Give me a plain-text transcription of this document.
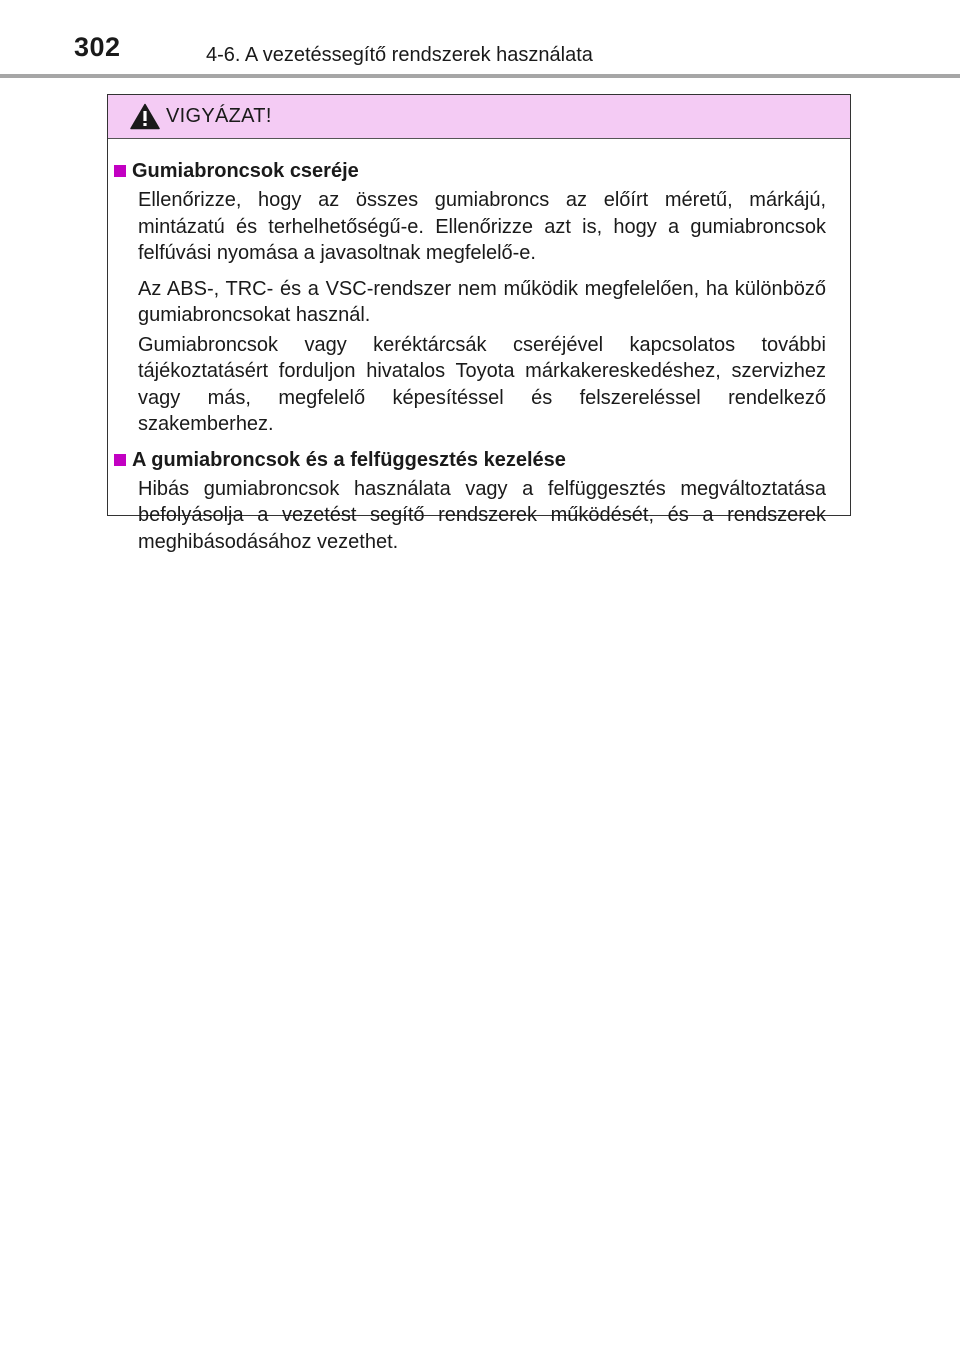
302	4-6. A vezetéssegítő rendszerek használata
VIGYÁZAT!
Gumiabroncsok cseréje

Ellenőrizze, hogy az összes gumiabroncs az előírt méretű, márkájú, mintázatú és terhelhetőségű-e. Ellenőrizze azt is, hogy a gumiabroncsok felfúvási nyomása a javasoltnak megfelelő-e.

Az ABS-, TRC- és a VSC-rendszer nem működik megfelelően, ha különböző gumiabroncsokat használ.

Gumiabroncsok vagy keréktárcsák cseréjével kapcsolatos további tájékoztatásért forduljon hivatalos Toyota márkakereskedéshez, szervizhez vagy más, megfelelő képesítéssel és felszereléssel rendelkező szakemberhez.

A gumiabroncsok és a felfüggesztés kezelése

Hibás gumiabroncsok használata vagy a felfüggesztés megváltoztatása befolyásolja a vezetést segítő rendszerek működését, és a rendszerek meghibásodásához vezethet.
